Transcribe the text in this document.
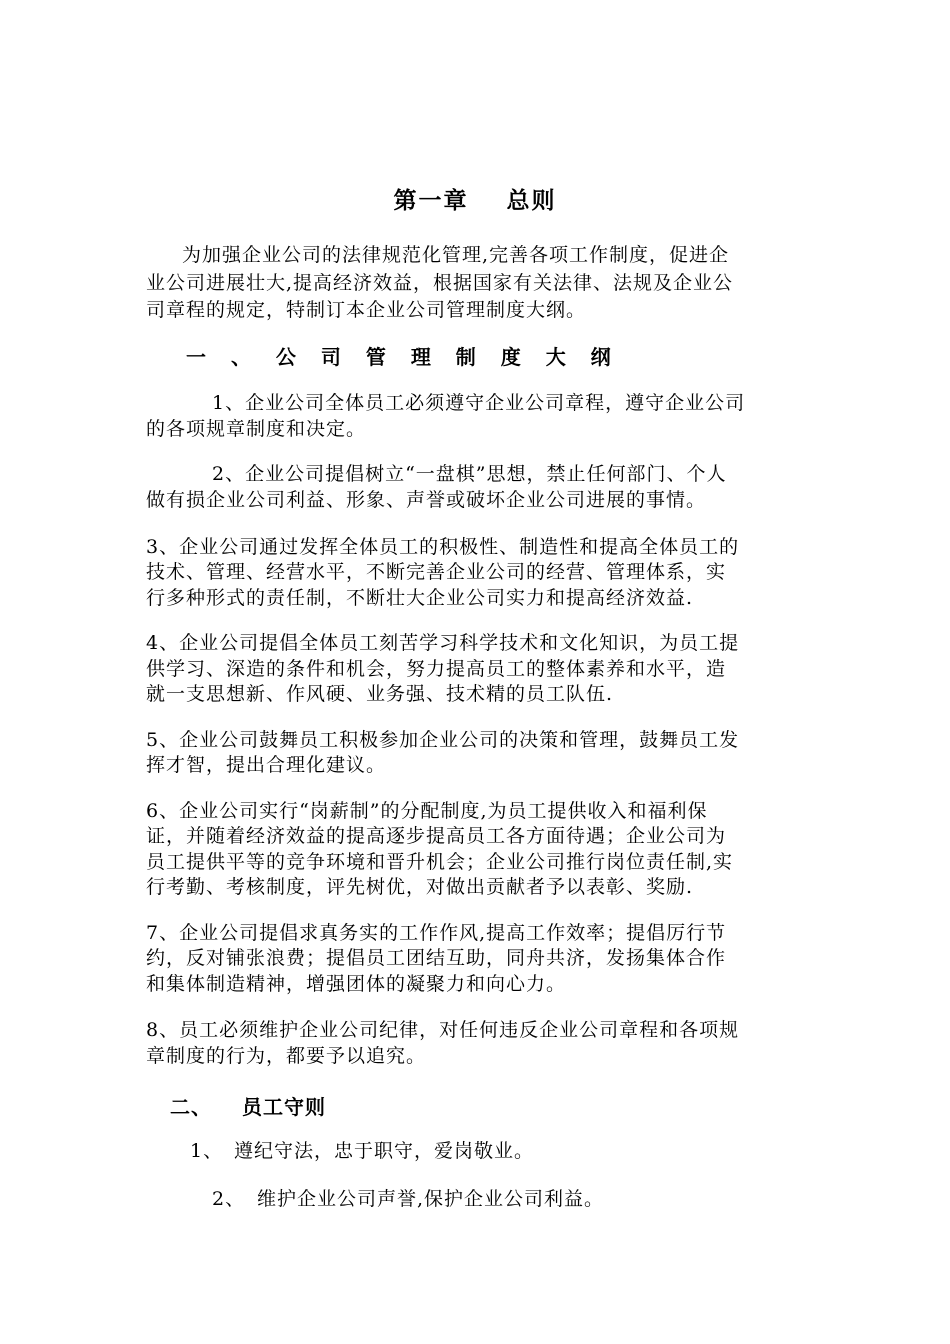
第一章 总则
为加强企业公司的法律规范化管理,完善各项工作制度，促进企
业公司进展壮大,提高经济效益，根据国家有关法律、法规及企业公
司章程的规定，特制订本企业公司管理制度大纲。
一 、 公 司 管 理 制 度 大 纲
1、企业公司全体员工必须遵守企业公司章程，遵守企业公司
的各项规章制度和决定。
2、企业公司提倡树立“一盘棋”思想，禁止任何部门、个人
做有损企业公司利益、形象、声誉或破坏企业公司进展的事情。
3、企业公司通过发挥全体员工的积极性、制造性和提高全体员工的
技术、管理、经营水平，不断完善企业公司的经营、管理体系，实
行多种形式的责任制，不断壮大企业公司实力和提高经济效益.
4、企业公司提倡全体员工刻苦学习科学技术和文化知识，为员工提
供学习、深造的条件和机会，努力提高员工的整体素养和水平，造
就一支思想新、作风硬、业务强、技术精的员工队伍.
5、企业公司鼓舞员工积极参加企业公司的决策和管理，鼓舞员工发
挥才智，提出合理化建议。
6、企业公司实行“岗薪制”的分配制度,为员工提供收入和福利保
证，并随着经济效益的提高逐步提高员工各方面待遇；企业公司为
员工提供平等的竞争环境和晋升机会；企业公司推行岗位责任制,实
行考勤、考核制度，评先树优，对做出贡献者予以表彰、奖励.
7、企业公司提倡求真务实的工作作风,提高工作效率；提倡厉行节
约，反对铺张浪费；提倡员工团结互助，同舟共济，发扬集体合作
和集体制造精神，增强团体的凝聚力和向心力。
8、员工必须维护企业公司纪律，对任何违反企业公司章程和各项规
章制度的行为，都要予以追究。
二、 员工守则
1、 遵纪守法，忠于职守，爱岗敬业。
2、 维护企业公司声誉,保护企业公司利益。
